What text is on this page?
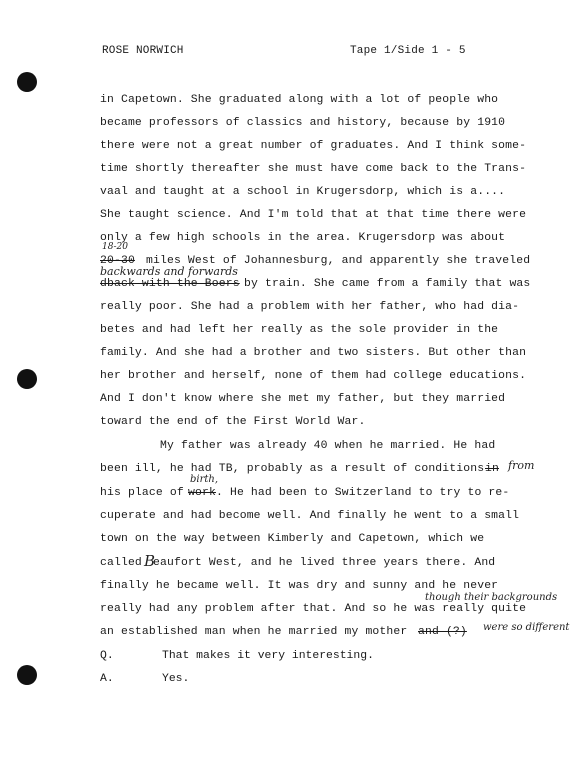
ROSE NORWICH	Tape 1/Side 1 - 5
in Capetown. She graduated along with a lot of people who
became professors of classics and history, because by 1910
there were not a great number of graduates. And I think some-
time shortly thereafter she must have come back to the Trans-
vaal and taught at a school in Krugersdorp, which is a....
She taught science. And I'm told that at that time there were
only a few high schools in the area. Krugersdorp was about
18-20
20-30 miles West of Johannesburg, and apparently she traveled
backwards and forwards
dback with the Boers by train. She came from a family that was
really poor. She had a problem with her father, who had dia-
betes and had left her really as the sole provider in the
family. And she had a brother and two sisters. But other than
her brother and herself, none of them had college educations.
And I don't know where she met my father, but they married
toward the end of the First World War.
My father was already 40 when he married. He had
been ill, he had TB, probably as a result of conditions in from
birth,
his place of work . He had been to Switzerland to try to re-
cuperate and had become well. And finally he went to a small
town on the way between Kimberly and Capetown, which we
called B
eaufort West, and he lived three years there. And
finally he became well. It was dry and sunny and he never
really had any problem after that. And so he was really quite
though their backgrounds
an established man when he married my mother and (?) were so different
Q.	That makes it very interesting.
A.	Yes.
